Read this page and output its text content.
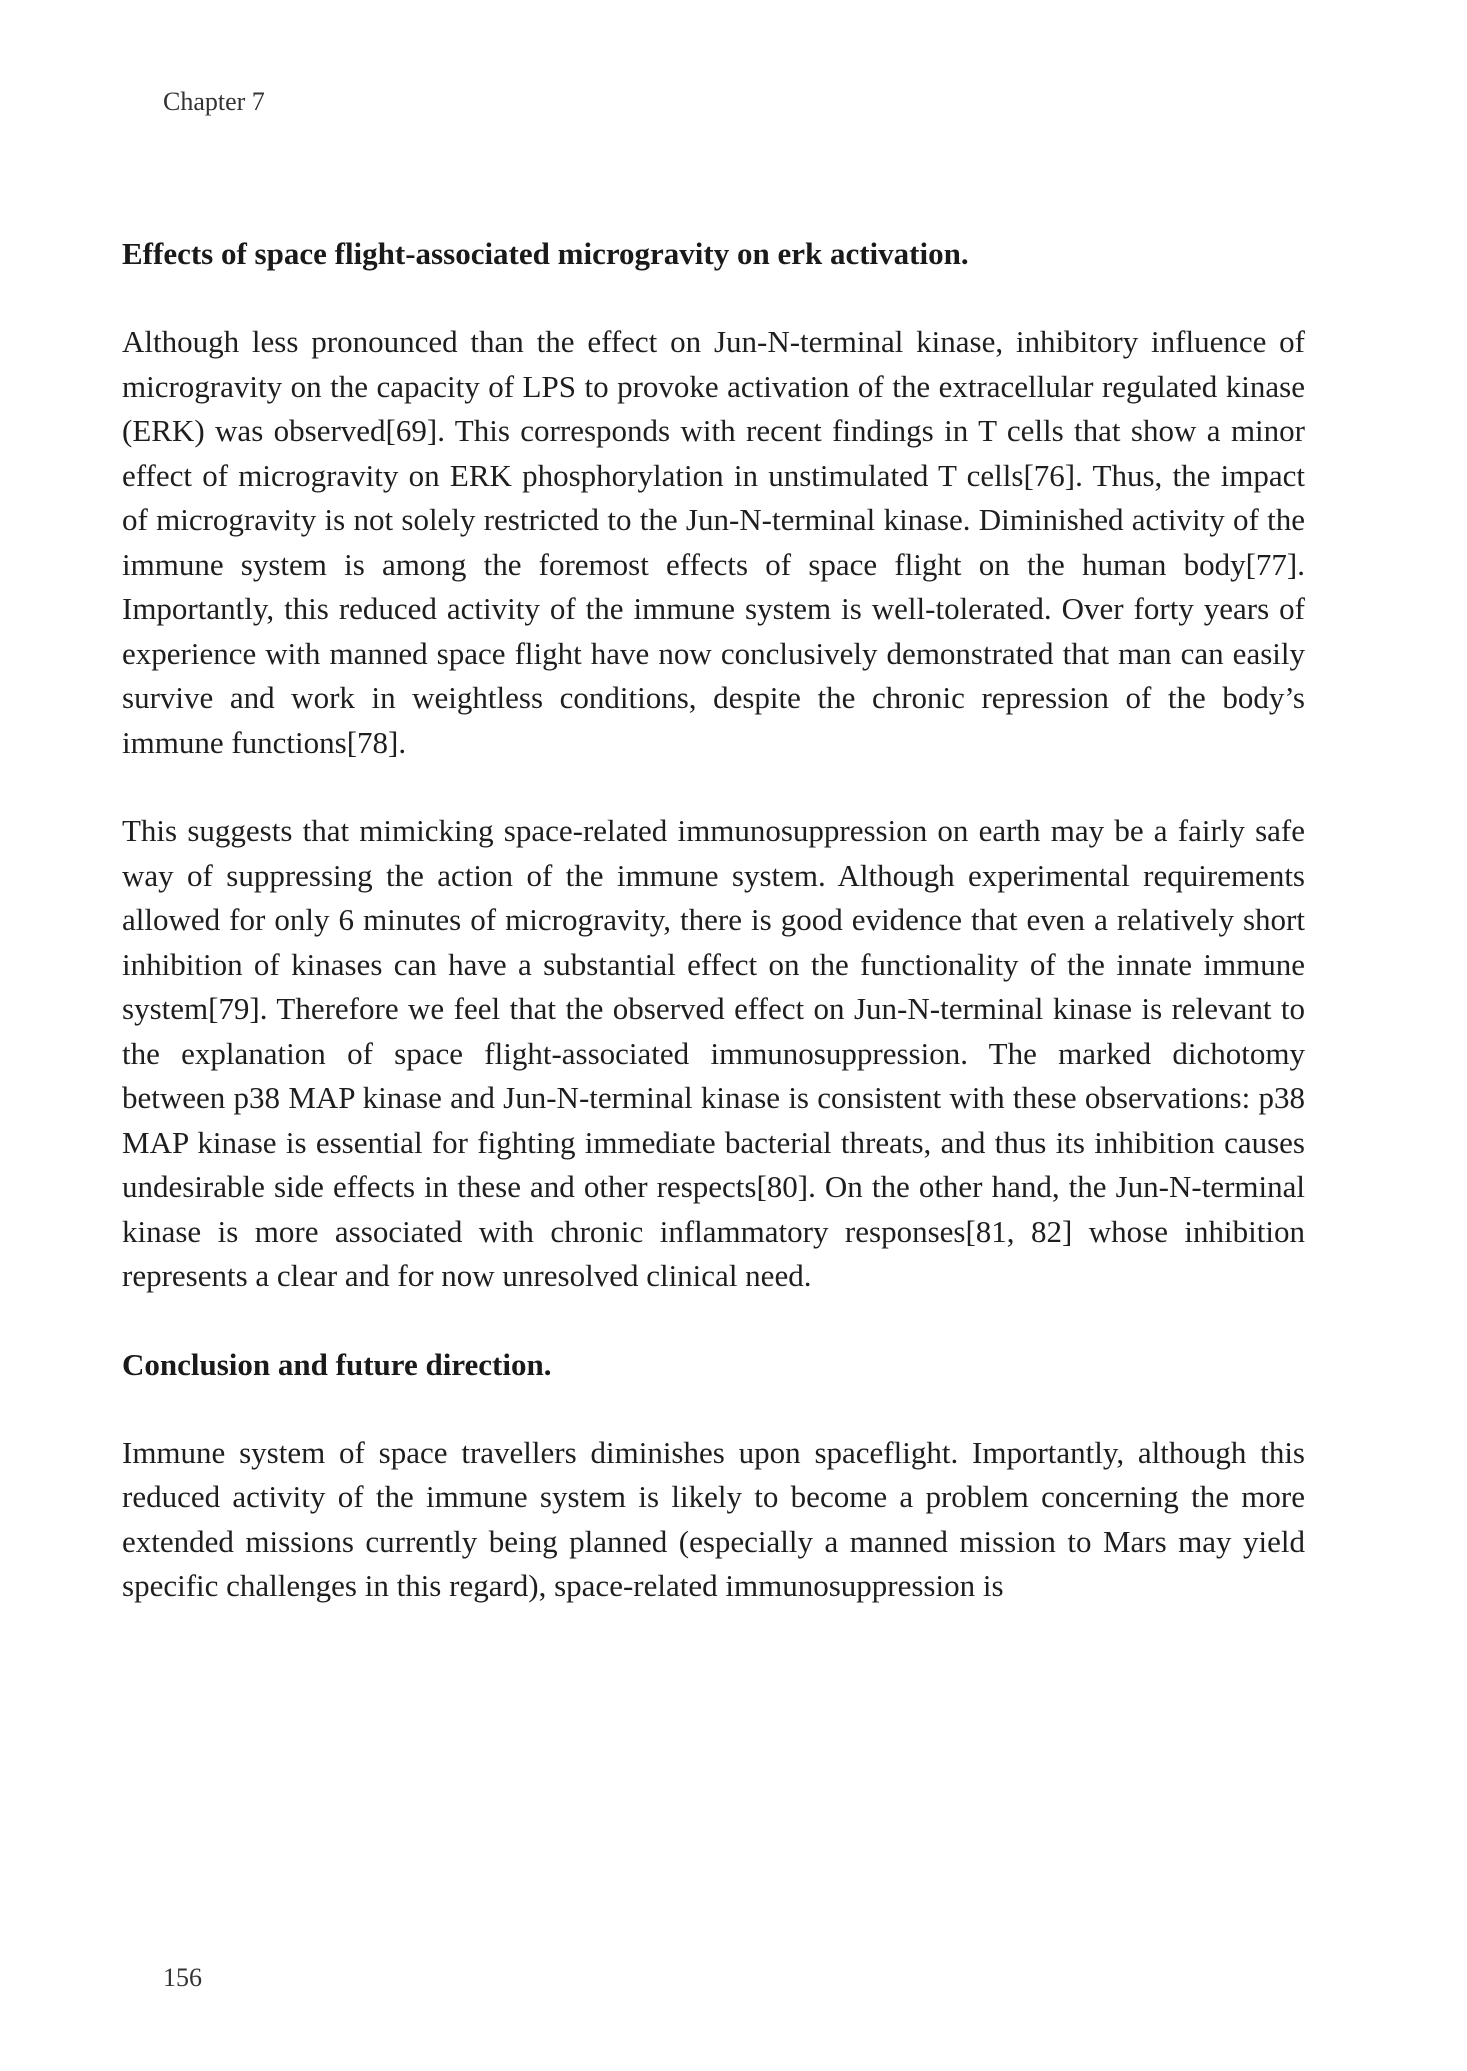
Chapter 7
Effects of space flight-associated microgravity on erk activation.

Although less pronounced than the effect on Jun-N-terminal kinase, inhibitory influence of microgravity on the capacity of LPS to provoke activation of the extracellular regulated kinase (ERK) was observed[69]. This corresponds with recent findings in T cells that show a minor effect of microgravity on ERK phosphorylation in unstimulated T cells[76]. Thus, the impact of microgravity is not solely restricted to the Jun-N-terminal kinase. Diminished activity of the immune system is among the foremost effects of space flight on the human body[77]. Importantly, this reduced activity of the immune system is well-tolerated. Over forty years of experience with manned space flight have now conclusively demonstrated that man can easily survive and work in weightless conditions, despite the chronic repression of the body’s immune functions[78].

This suggests that mimicking space-related immunosuppression on earth may be a fairly safe way of suppressing the action of the immune system. Although experimental requirements allowed for only 6 minutes of microgravity, there is good evidence that even a relatively short inhibition of kinases can have a substantial effect on the functionality of the innate immune system[79]. Therefore we feel that the observed effect on Jun-N-terminal kinase is relevant to the explanation of space flight-associated immunosuppression. The marked dichotomy between p38 MAP kinase and Jun-N-terminal kinase is consistent with these observations: p38 MAP kinase is essential for fighting immediate bacterial threats, and thus its inhibition causes undesirable side effects in these and other respects[80]. On the other hand, the Jun-N-terminal kinase is more associated with chronic inflammatory responses[81, 82] whose inhibition represents a clear and for now unresolved clinical need.

Conclusion and future direction.

Immune system of space travellers diminishes upon spaceflight. Importantly, although this reduced activity of the immune system is likely to become a problem concerning the more extended missions currently being planned (especially a manned mission to Mars may yield specific challenges in this regard), space-related immunosuppression is

156
